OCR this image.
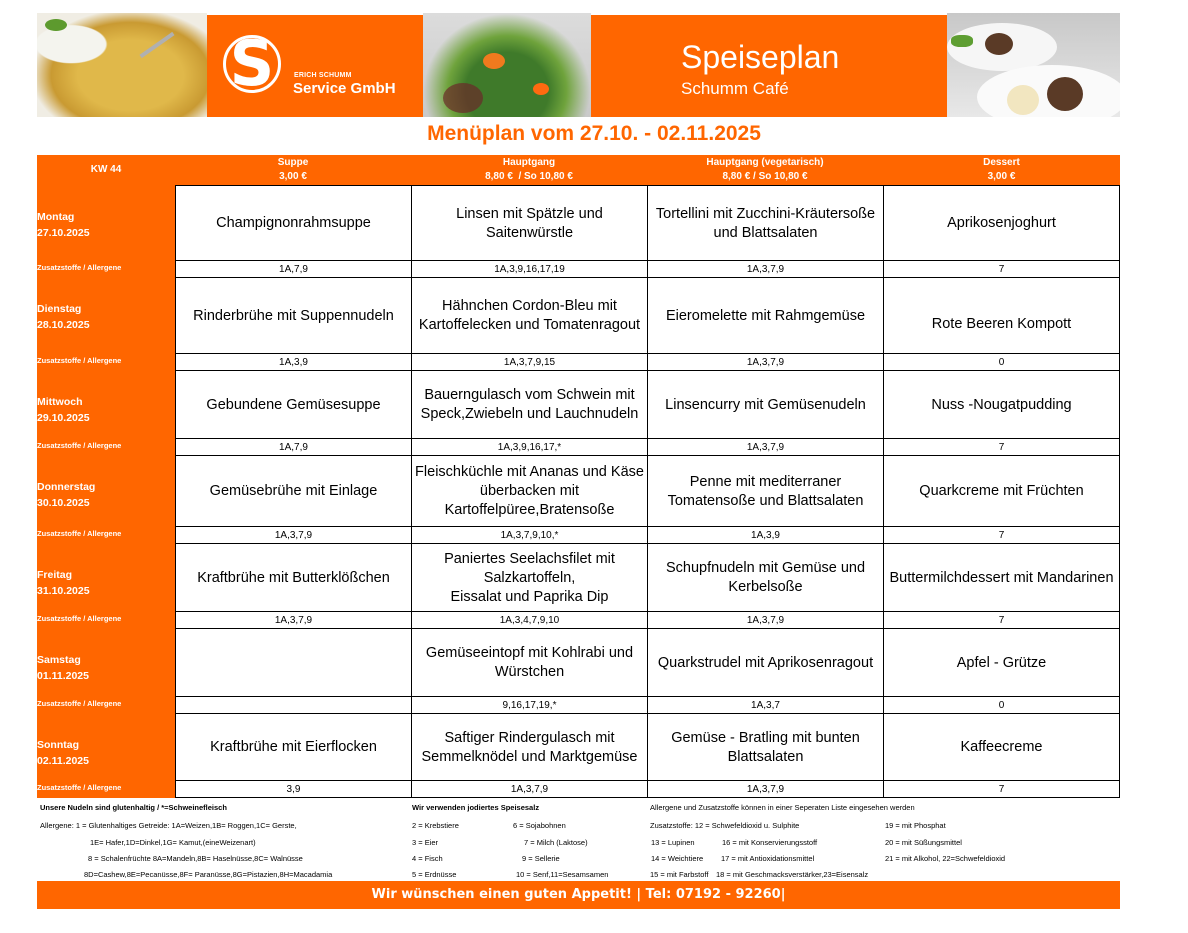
S	ERICH SCHUMM
Service GmbH
Speiseplan
Schumm Café
Menüplan vom 27.10. - 02.11.2025
KW 44
Suppe
3,00 €
Hauptgang
8,80 €  / So 10,80 €
Hauptgang (vegetarisch)
8,80 € / So 10,80 €
Dessert
3,00 €
Montag
27.10.2025
Zusatzstoffe / Allergene
Champignonrahmsuppe
1A,7,9
Linsen mit Spätzle und Saitenwürstle
1A,3,9,16,17,19
Tortellini mit Zucchini-Kräutersoße und Blattsalaten
1A,3,7,9
Aprikosenjoghurt
7
Dienstag
28.10.2025
Zusatzstoffe / Allergene
Rinderbrühe mit Suppennudeln
1A,3,9
Hähnchen Cordon-Bleu mit Kartoffelecken und Tomatenragout
1A,3,7,9,15
Eieromelette mit Rahmgemüse
1A,3,7,9
Rote Beeren Kompott
0
Mittwoch
29.10.2025
Zusatzstoffe / Allergene
Gebundene Gemüsesuppe
1A,7,9
Bauerngulasch vom Schwein mit Speck,Zwiebeln und Lauchnudeln
1A,3,9,16,17,*
Linsencurry mit Gemüsenudeln
1A,3,7,9
Nuss -Nougatpudding
7
Donnerstag
30.10.2025
Zusatzstoffe / Allergene
Gemüsebrühe mit Einlage
1A,3,7,9
Fleischküchle mit Ananas und Käse überbacken mit Kartoffelpüree,Bratensoße
1A,3,7,9,10,*
Penne mit mediterraner Tomatensoße und Blattsalaten
1A,3,9
Quarkcreme mit Früchten
7
Freitag
31.10.2025
Zusatzstoffe / Allergene
Kraftbrühe mit Butterklößchen
1A,3,7,9
Paniertes Seelachsfilet mit Salzkartoffeln,
Eissalat und Paprika Dip
1A,3,4,7,9,10
Schupfnudeln mit Gemüse und Kerbelsoße
1A,3,7,9
Buttermilchdessert mit Mandarinen
7
Samstag
01.11.2025
Zusatzstoffe / Allergene
Gemüseeintopf mit Kohlrabi und Würstchen
9,16,17,19,*
Quarkstrudel mit Aprikosenragout
1A,3,7
Apfel - Grütze
0
Sonntag
02.11.2025
Zusatzstoffe / Allergene
Kraftbrühe mit Eierflocken
3,9
Saftiger Rindergulasch mit Semmelknödel und Marktgemüse
1A,3,7,9
Gemüse - Bratling mit bunten Blattsalaten
1A,3,7,9
Kaffeecreme
7
Unsere Nudeln sind glutenhaltig / *=Schweinefleisch
Allergene: 1 = Glutenhaltiges Getreide: 1A=Weizen,1B= Roggen,1C= Gerste,
1E= Hafer,1D=Dinkel,1G= Kamut,(eineWeizenart)
8 = Schalenfrüchte 8A=Mandeln,8B= Haselnüsse,8C= Walnüsse
8D=Cashew,8E=Pecanüsse,8F= Paranüsse,8G=Pistazien,8H=Macadamia
Wir verwenden jodiertes Speisesalz
2 = Krebstiere
3 = Eier
4 = Fisch
5 = Erdnüsse
6 = Sojabohnen
7 = Milch (Laktose)
9 = Sellerie
10 = Senf,11=Sesamsamen
Allergene und Zusatzstoffe können in einer Seperaten Liste eingesehen werden
Zusatzstoffe: 12 = Schwefeldioxid u. Sulphite
13 = Lupinen
14 = Weichtiere
15 = mit Farbstoff
16 = mit Konservierungsstoff
17 = mit Antioxidationsmittel
18 = mit Geschmacksverstärker,23=Eisensalz
19 = mit Phosphat
20 = mit Süßungsmittel
21 = mit Alkohol, 22=Schwefeldioxid
Wir wünschen einen guten Appetit! | Tel: 07192 - 92260|
